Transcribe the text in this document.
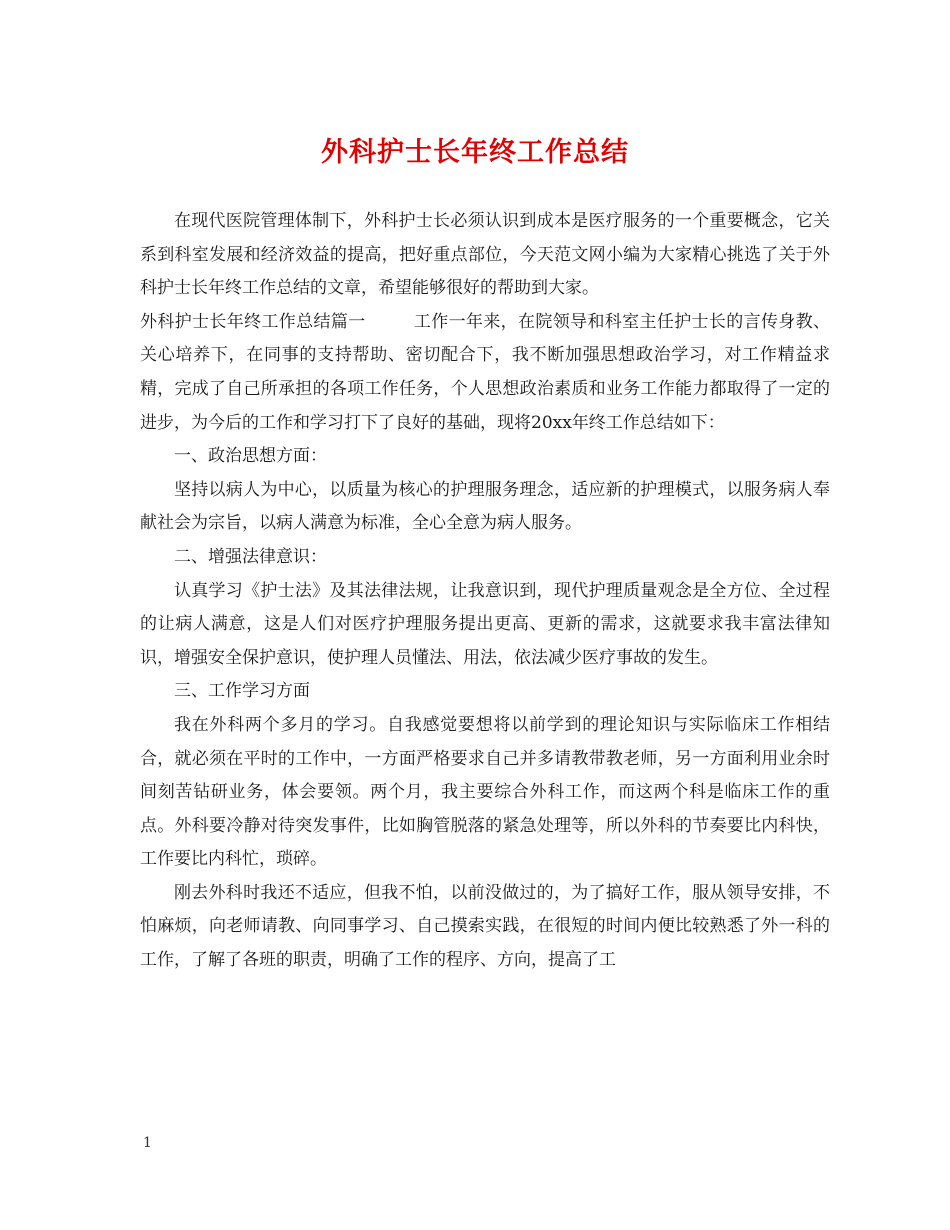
外科护士长年终工作总结

在现代医院管理体制下，外科护士长必须认识到成本是医疗服务的一个重要概念，它关系到科室发展和经济效益的提高，把好重点部位，今天范文网小编为大家精心挑选了关于外科护士长年终工作总结的文章，希望能够很好的帮助到大家。

外科护士长年终工作总结篇一	工作一年来，在院领导和科室主任护士长的言传身教、关心培养下，在同事的支持帮助、密切配合下，我不断加强思想政治学习，对工作精益求精，完成了自己所承担的各项工作任务，个人思想政治素质和业务工作能力都取得了一定的进步，为今后的工作和学习打下了良好的基础，现将20xx年终工作总结如下：

一、政治思想方面：

坚持以病人为中心，以质量为核心的护理服务理念，适应新的护理模式，以服务病人奉献社会为宗旨，以病人满意为标准，全心全意为病人服务。

二、增强法律意识：

认真学习《护士法》及其法律法规，让我意识到，现代护理质量观念是全方位、全过程的让病人满意，这是人们对医疗护理服务提出更高、更新的需求，这就要求我丰富法律知识，增强安全保护意识，使护理人员懂法、用法，依法减少医疗事故的发生。

三、工作学习方面

我在外科两个多月的学习。自我感觉要想将以前学到的理论知识与实际临床工作相结合，就必须在平时的工作中，一方面严格要求自己并多请教带教老师，另一方面利用业余时间刻苦钻研业务，体会要领。两个月，我主要综合外科工作，而这两个科是临床工作的重点。外科要冷静对待突发事件，比如胸管脱落的紧急处理等，所以外科的节奏要比内科快，工作要比内科忙，琐碎。

刚去外科时我还不适应，但我不怕，以前没做过的，为了搞好工作，服从领导安排，不怕麻烦，向老师请教、向同事学习、自己摸索实践，在很短的时间内便比较熟悉了外一科的工作，了解了各班的职责，明确了工作的程序、方向，提高了工

1
